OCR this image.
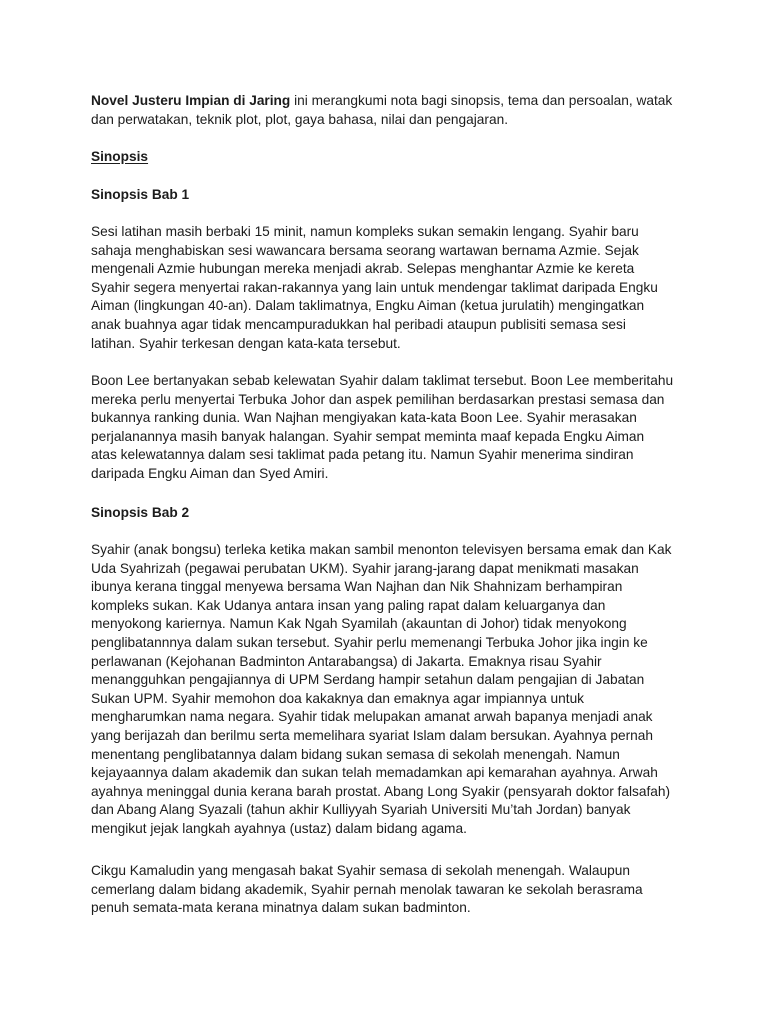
Novel Justeru Impian di Jaring ini merangkumi nota bagi sinopsis, tema dan persoalan, watak
dan perwatakan, teknik plot, plot, gaya bahasa, nilai dan pengajaran.
Sinopsis
Sinopsis Bab 1
Sesi latihan masih berbaki 15 minit, namun kompleks sukan semakin lengang. Syahir baru
sahaja menghabiskan sesi wawancara bersama seorang wartawan bernama Azmie. Sejak
mengenali Azmie hubungan mereka menjadi akrab. Selepas menghantar Azmie ke kereta
Syahir segera menyertai rakan-rakannya yang lain untuk mendengar taklimat daripada Engku
Aiman (lingkungan 40-an). Dalam taklimatnya, Engku Aiman (ketua jurulatih) mengingatkan
anak buahnya agar tidak mencampuradukkan hal peribadi ataupun publisiti semasa sesi
latihan. Syahir terkesan dengan kata-kata tersebut.
Boon Lee bertanyakan sebab kelewatan Syahir dalam taklimat tersebut. Boon Lee memberitahu
mereka perlu menyertai Terbuka Johor dan aspek pemilihan berdasarkan prestasi semasa dan
bukannya ranking dunia. Wan Najhan mengiyakan kata-kata Boon Lee. Syahir merasakan
perjalanannya masih banyak halangan. Syahir sempat meminta maaf kepada Engku Aiman
atas kelewatannya dalam sesi taklimat pada petang itu. Namun Syahir menerima sindiran
daripada Engku Aiman dan Syed Amiri.
Sinopsis Bab 2
Syahir (anak bongsu) terleka ketika makan sambil menonton televisyen bersama emak dan Kak
Uda Syahrizah (pegawai perubatan UKM). Syahir jarang-jarang dapat menikmati masakan
ibunya kerana tinggal menyewa bersama Wan Najhan dan Nik Shahnizam berhampiran
kompleks sukan. Kak Udanya antara insan yang paling rapat dalam keluarganya dan
menyokong kariernya. Namun Kak Ngah Syamilah (akauntan di Johor) tidak menyokong
penglibatannnya dalam sukan tersebut. Syahir perlu memenangi Terbuka Johor jika ingin ke
perlawanan (Kejohanan Badminton Antarabangsa) di Jakarta. Emaknya risau Syahir
menangguhkan pengajiannya di UPM Serdang hampir setahun dalam pengajian di Jabatan
Sukan UPM. Syahir memohon doa kakaknya dan emaknya agar impiannya untuk
mengharumkan nama negara. Syahir tidak melupakan amanat arwah bapanya menjadi anak
yang berijazah dan berilmu serta memelihara syariat Islam dalam bersukan. Ayahnya pernah
menentang penglibatannya dalam bidang sukan semasa di sekolah menengah. Namun
kejayaannya dalam akademik dan sukan telah memadamkan api kemarahan ayahnya. Arwah
ayahnya meninggal dunia kerana barah prostat. Abang Long Syakir (pensyarah doktor falsafah)
dan Abang Alang Syazali (tahun akhir Kulliyyah Syariah Universiti Mu’tah Jordan) banyak
mengikut jejak langkah ayahnya (ustaz) dalam bidang agama.
Cikgu Kamaludin yang mengasah bakat Syahir semasa di sekolah menengah. Walaupun
cemerlang dalam bidang akademik, Syahir pernah menolak tawaran ke sekolah berasrama
penuh semata-mata kerana minatnya dalam sukan badminton.
